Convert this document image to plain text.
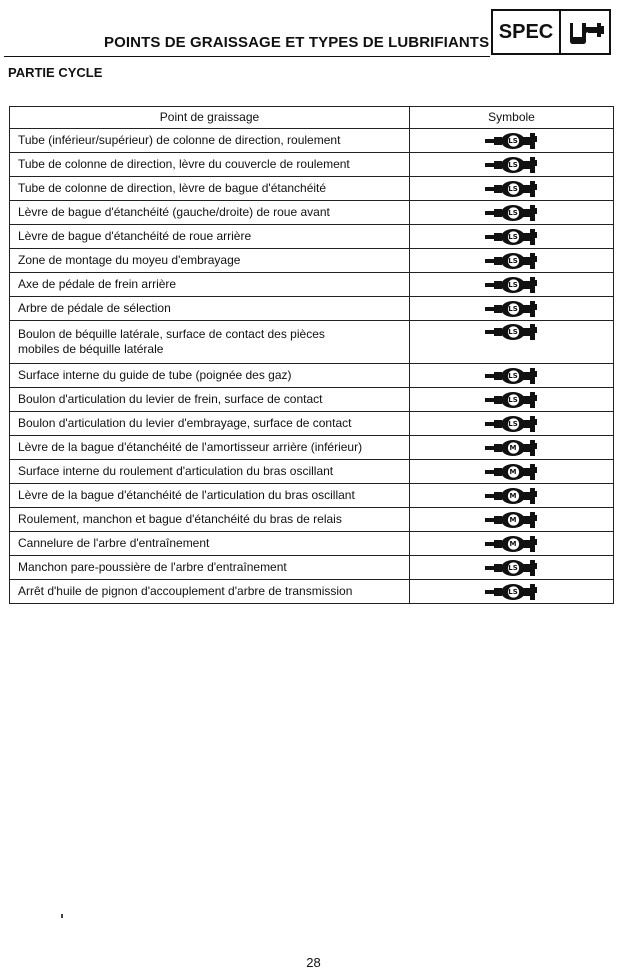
POINTS DE GRAISSAGE ET TYPES DE LUBRIFIANTS SPEC
PARTIE CYCLE
Point de graissage	Symbole

Tube (inférieur/supérieur) de colonne de direction, roulement	LS

Tube de colonne de direction, lèvre du couvercle de roulement	LS

Tube de colonne de direction, lèvre de bague d'étanchéité	LS

Lèvre de bague d'étanchéité (gauche/droite) de roue avant	LS

Lèvre de bague d'étanchéité de roue arrière	LS

Zone de montage du moyeu d'embrayage	LS

Axe de pédale de frein arrière	LS

Arbre de pédale de sélection	LS

Boulon de béquille latérale, surface de contact des pièces
mobiles de béquille latérale	LS

Surface interne du guide de tube (poignée des gaz)	LS

Boulon d'articulation du levier de frein, surface de contact	LS

Boulon d'articulation du levier d'embrayage, surface de contact	LS

Lèvre de la bague d'étanchéité de l'amortisseur arrière (inférieur)	M

Surface interne du roulement d'articulation du bras oscillant	M

Lèvre de la bague d'étanchéité de l'articulation du bras oscillant	M

Roulement, manchon et bague d'étanchéité du bras de relais	M

Cannelure de l'arbre d'entraînement	M

Manchon pare-poussière de l'arbre d'entraînement	LS

Arrêt d'huile de pignon d'accouplement d'arbre de transmission	LS
28
